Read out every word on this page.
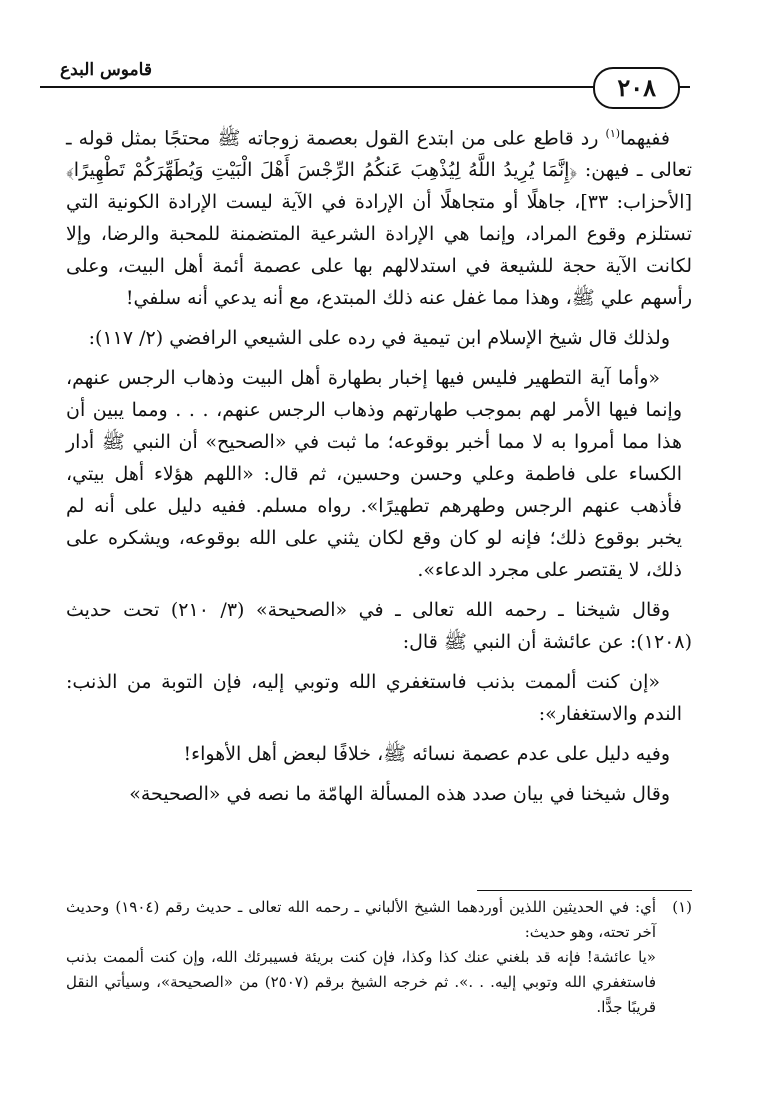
٢٠٨
قاموس البدع

ففيهما$^{(١)}$ رد قاطع على من ابتدع القول بعصمة زوجاته ﷺ محتجًا بمثل قوله ـ تعالى ـ فيهن: ﴿إِنَّمَا يُرِيدُ اللَّهُ لِيُذْهِبَ عَنكُمُ الرِّجْسَ أَهْلَ الْبَيْتِ وَيُطَهِّرَكُمْ تَطْهِيرًا﴾ [الأحزاب: ٣٣]، جاهلًا أو متجاهلًا أن الإرادة في الآية ليست الإرادة الكونية التي تستلزم وقوع المراد، وإنما هي الإرادة الشرعية المتضمنة للمحبة والرضا، وإلا لكانت الآية حجة للشيعة في استدلالهم بها على عصمة أئمة أهل البيت، وعلى رأسهم علي ﷺ، وهذا مما غفل عنه ذلك المبتدع، مع أنه يدعي أنه سلفي!

ولذلك قال شيخ الإسلام ابن تيمية في رده على الشيعي الرافضي (٢/ ١١٧):

«وأما آية التطهير فليس فيها إخبار بطهارة أهل البيت وذهاب الرجس عنهم، وإنما فيها الأمر لهم بموجب طهارتهم وذهاب الرجس عنهم، . . . ومما يبين أن هذا مما أمروا به لا مما أخبر بوقوعه؛ ما ثبت في «الصحيح» أن النبي ﷺ أدار الكساء على فاطمة وعلي وحسن وحسين، ثم قال: «اللهم هؤلاء أهل بيتي، فأذهب عنهم الرجس وطهرهم تطهيرًا». رواه مسلم. ففيه دليل على أنه لم يخبر بوقوع ذلك؛ فإنه لو كان وقع لكان يثني على الله بوقوعه، ويشكره على ذلك، لا يقتصر على مجرد الدعاء».

وقال شيخنا ـ رحمه الله تعالى ـ في «الصحيحة» (٣/ ٢١٠) تحت حديث (١٢٠٨): عن عائشة أن النبي ﷺ قال:

«إن كنت ألممت بذنب فاستغفري الله وتوبي إليه، فإن التوبة من الذنب: الندم والاستغفار»:

وفيه دليل على عدم عصمة نسائه ﷺ، خلافًا لبعض أهل الأهواء!

وقال شيخنا في بيان صدد هذه المسألة الهامّة ما نصه في «الصحيحة»

(١)

أي: في الحديثين اللذين أوردهما الشيخ الألباني ـ رحمه الله تعالى ـ حديث رقم (١٩٠٤) وحديث آخر تحته، وهو حديث:

«يا عائشة! فإنه قد بلغني عنك كذا وكذا، فإن كنت بريئة فسيبرئك الله، وإن كنت ألممت بذنب فاستغفري الله وتوبي إليه. . .». ثم خرجه الشيخ برقم (٢٥٠٧) من «الصحيحة»، وسيأتي النقل قريبًا جدًّا.
